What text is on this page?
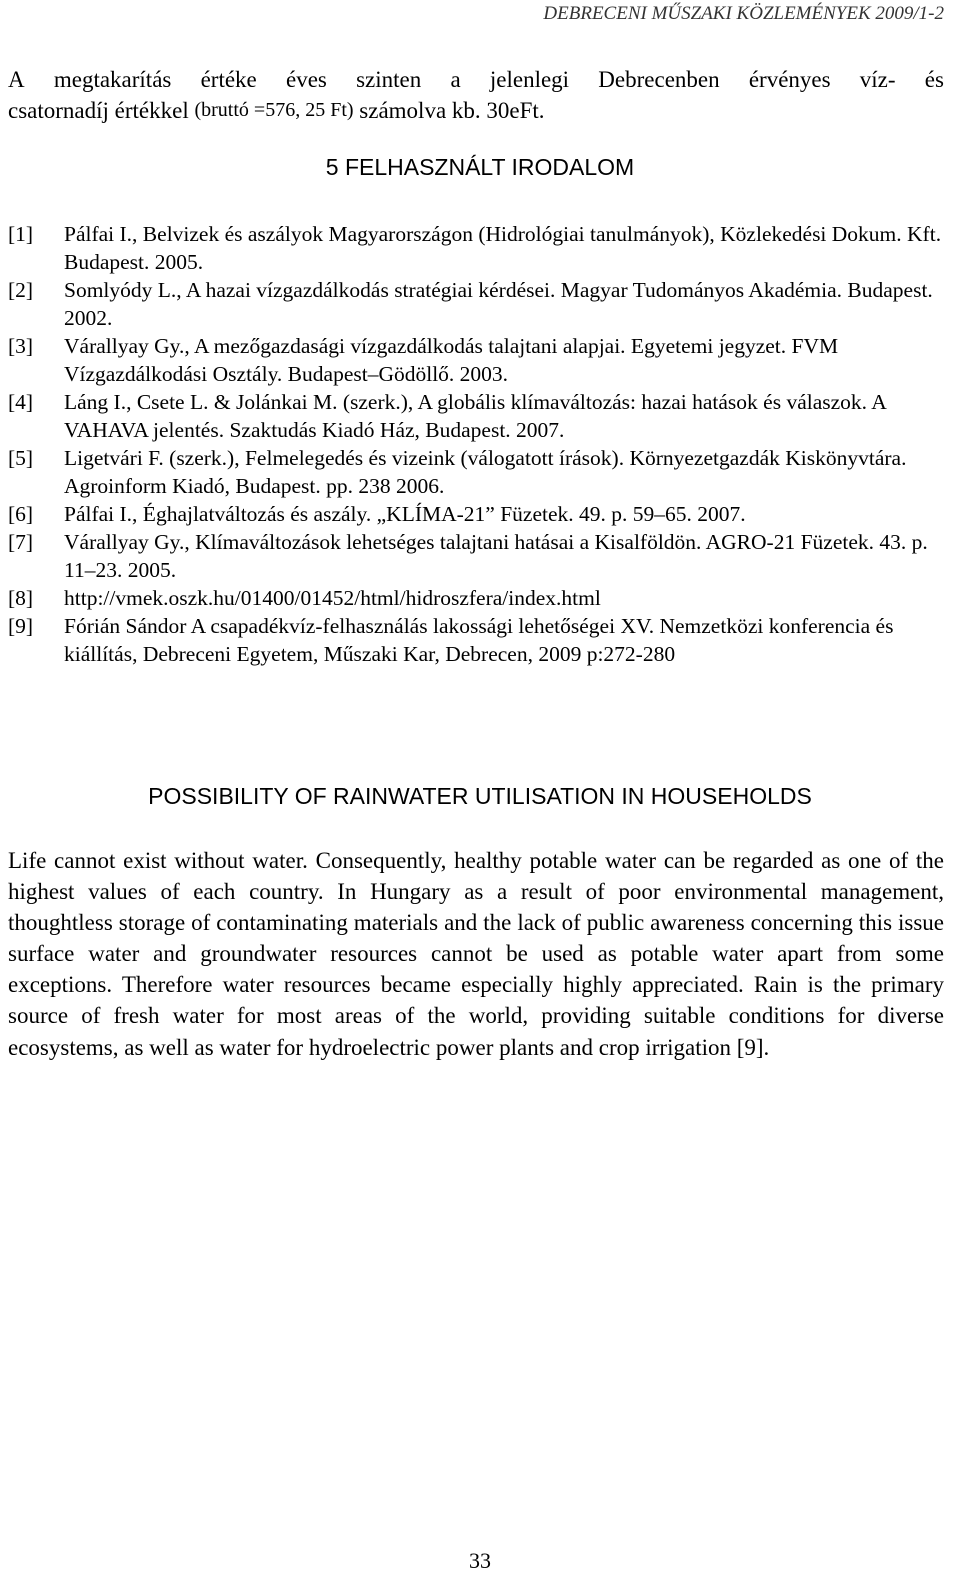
DEBRECENI MŰSZAKI KÖZLEMÉNYEK 2009/1-2
A megtakarítás értéke éves szinten a jelenlegi Debrecenben érvényes víz- és
csatornadíj értékkel (bruttó =576, 25 Ft) számolva kb. 30eFt.
5 FELHASZNÁLT IRODALOM
[1] Pálfai I., Belvizek és aszályok Magyarországon (Hidrológiai tanulmányok), Közlekedési Dokum. Kft. Budapest. 2005.
[2] Somlyódy L., A hazai vízgazdálkodás stratégiai kérdései. Magyar Tudományos Akadémia. Budapest. 2002.
[3] Várallyay Gy., A mezőgazdasági vízgazdálkodás talajtani alapjai. Egyetemi jegyzet. FVM Vízgazdálkodási Osztály. Budapest–Gödöllő. 2003.
[4] Láng I., Csete L. & Jolánkai M. (szerk.), A globális klímaváltozás: hazai hatások és válaszok. A VAHAVA jelentés. Szaktudás Kiadó Ház, Budapest. 2007.
[5] Ligetvári F. (szerk.), Felmelegedés és vizeink (válogatott írások). Környezetgazdák Kiskönyvtára. Agroinform Kiadó, Budapest. pp. 238 2006.
[6] Pálfai I., Éghajlatváltozás és aszály. „KLÍMA-21” Füzetek. 49. p. 59–65. 2007.
[7] Várallyay Gy., Klímaváltozások lehetséges talajtani hatásai a Kisalföldön. AGRO-21 Füzetek. 43. p. 11–23. 2005.
[8] http://vmek.oszk.hu/01400/01452/html/hidroszfera/index.html
[9] Fórián Sándor A csapadékvíz-felhasználás lakossági lehetőségei XV. Nemzetközi konferencia és kiállítás, Debreceni Egyetem, Műszaki Kar, Debrecen, 2009 p:272-280
POSSIBILITY OF RAINWATER UTILISATION IN HOUSEHOLDS

Life cannot exist without water. Consequently, healthy potable water can be regarded as one of the highest values of each country. In Hungary as a result of poor environmental management, thoughtless storage of contaminating materials and the lack of public awareness concerning this issue surface water and groundwater resources cannot be used as potable water apart from some exceptions. Therefore water resources became especially highly appreciated. Rain is the primary source of fresh water for most areas of the world, providing suitable conditions for diverse ecosystems, as well as water for hydroelectric power plants and crop irrigation [9].

33
